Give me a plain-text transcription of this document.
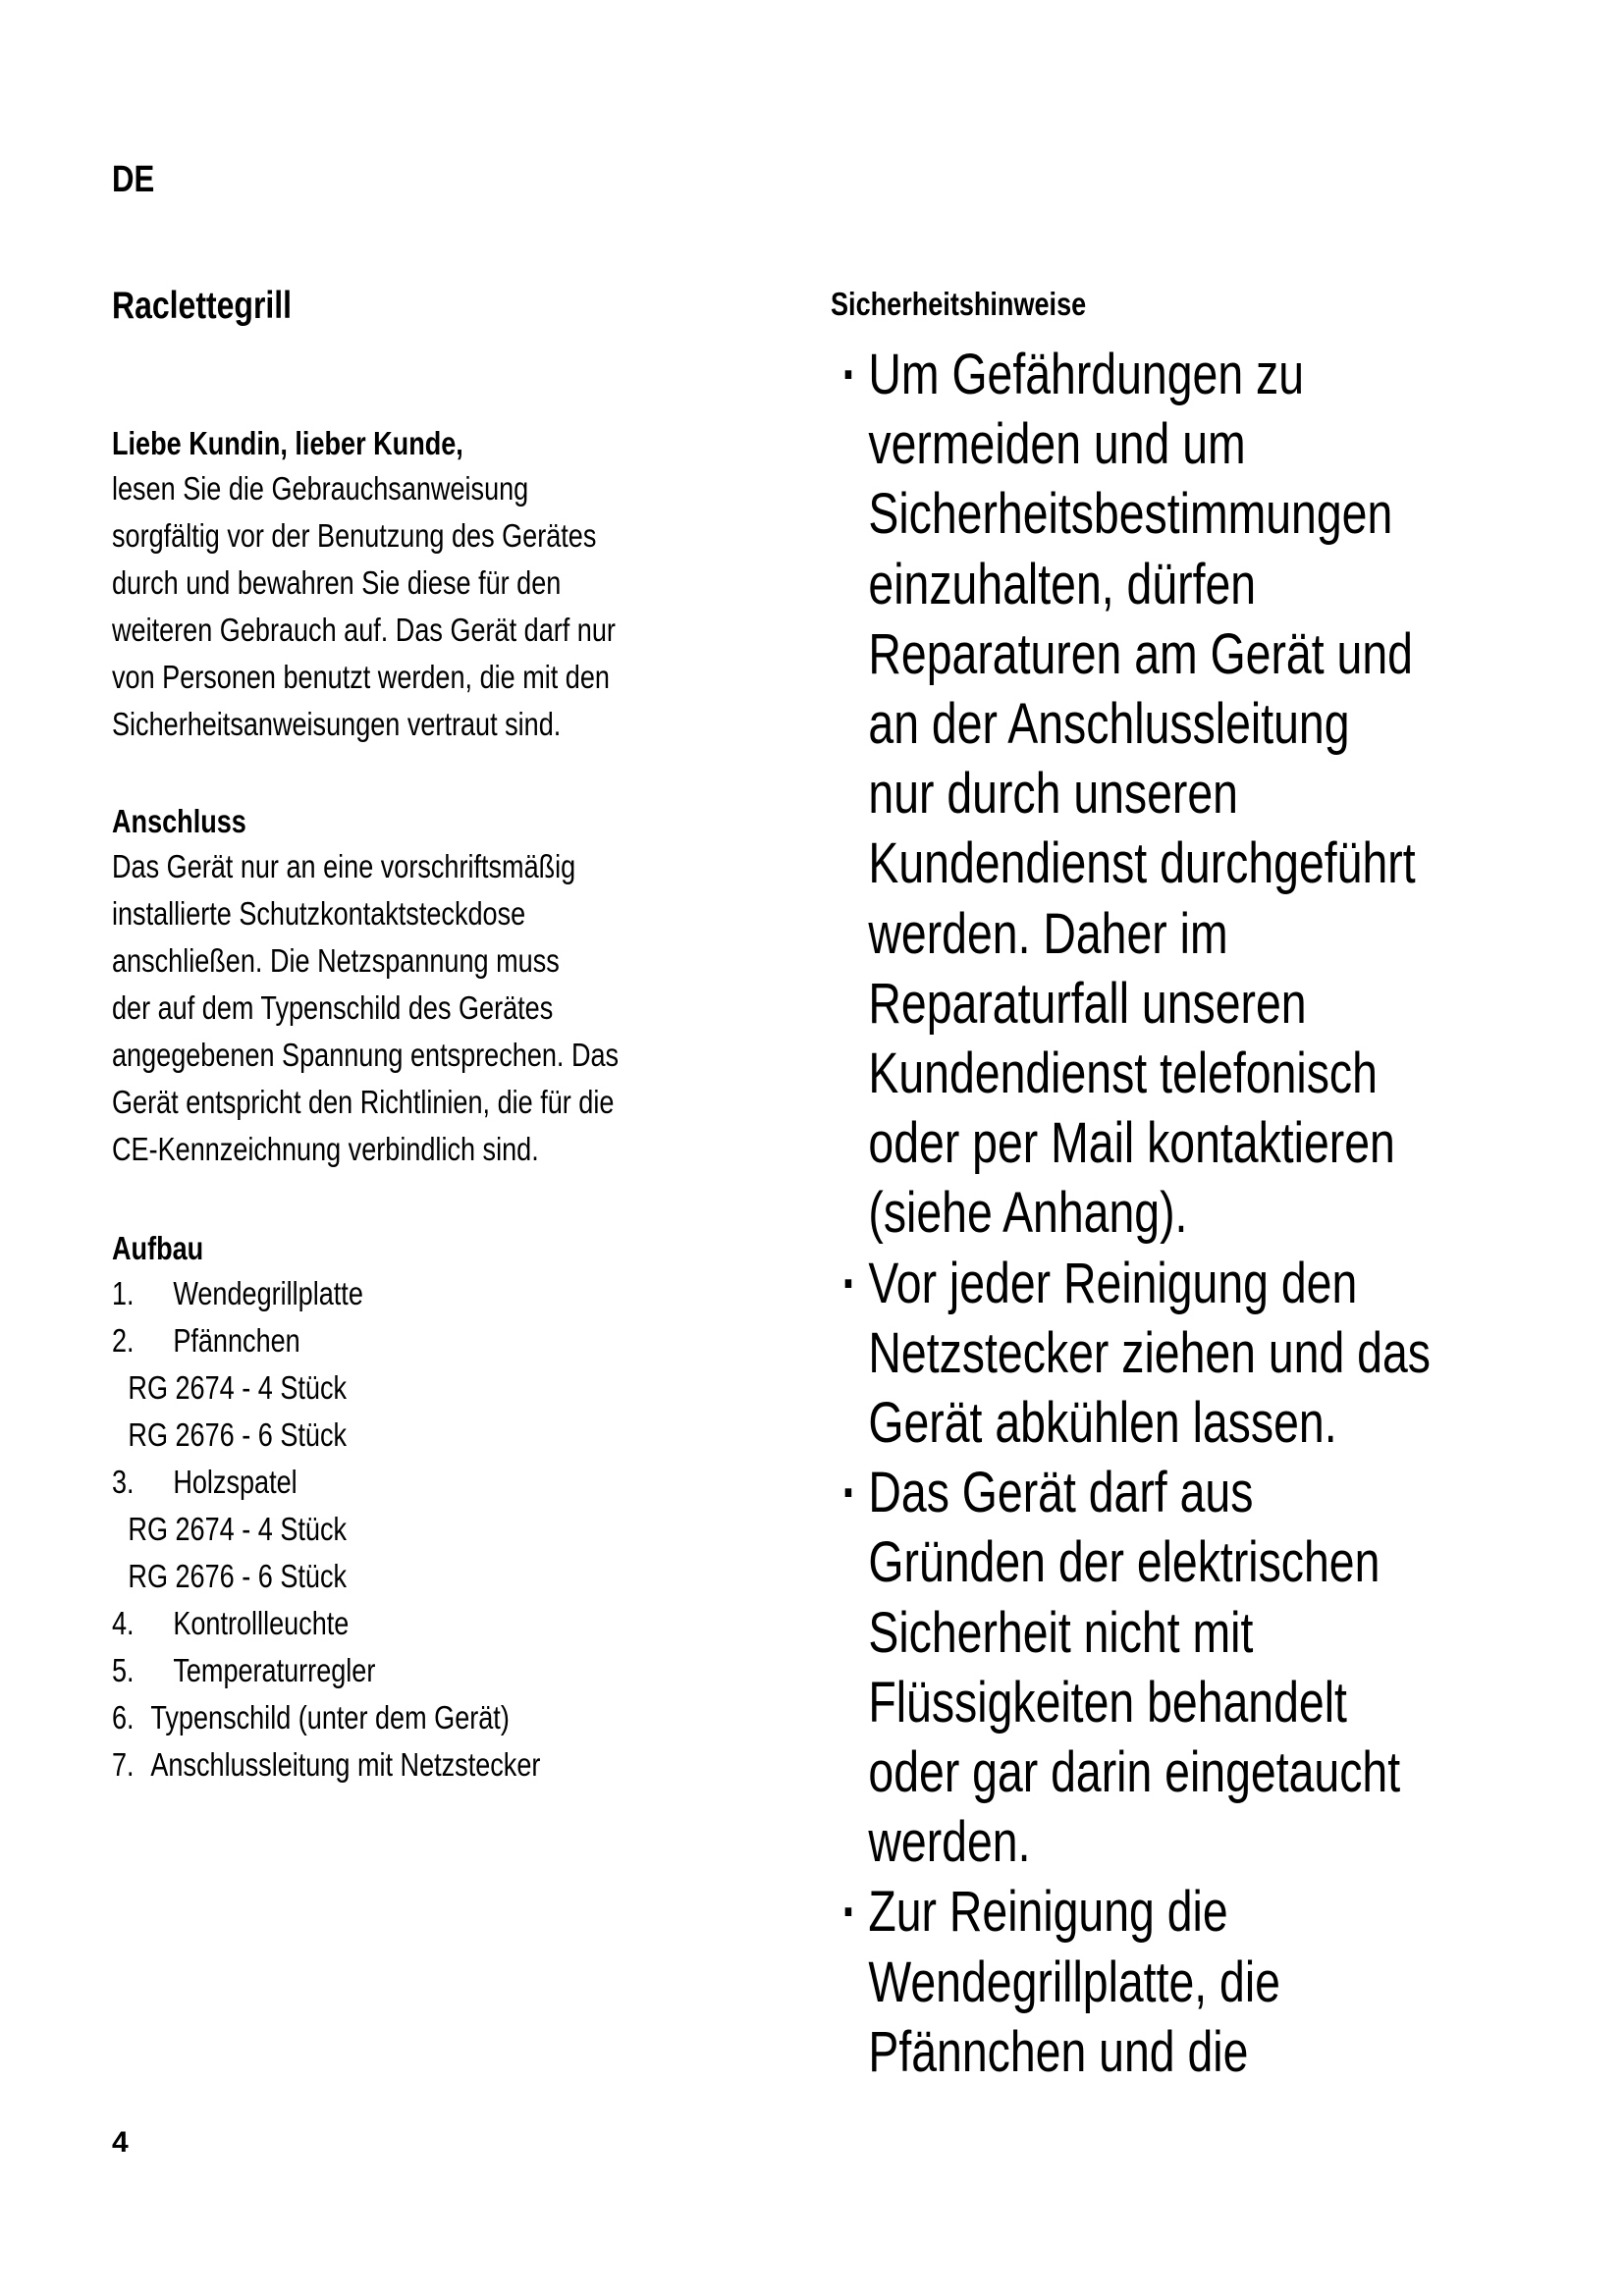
DE
Raclettegrill
Liebe Kundin, lieber Kunde,
lesen Sie die Gebrauchsanweisung
sorgfältig vor der Benutzung des Gerätes
durch und bewahren Sie diese für den
weiteren Gebrauch auf. Das Gerät darf nur
von Personen benutzt werden, die mit den
Sicherheitsanweisungen vertraut sind.
Anschluss
Das Gerät nur an eine vorschriftsmäßig
installierte Schutzkontaktsteckdose
anschließen. Die Netzspannung muss
der auf dem Typenschild des Gerätes
angegebenen Spannung entsprechen. Das
Gerät entspricht den Richtlinien, die für die
CE-Kennzeichnung verbindlich sind.
Aufbau
1. Wendegrillplatte
2. Pfännchen
RG 2674 - 4 Stück
RG 2676 - 6 Stück
3. Holzspatel
RG 2674 - 4 Stück
RG 2676 - 6 Stück
4. Kontrollleuchte
5. Temperaturregler
6. Typenschild (unter dem Gerät)
7. Anschlussleitung mit Netzstecker
Sicherheitshinweise
· Um Gefährdungen zu
vermeiden und um
Sicherheitsbestimmungen
einzuhalten, dürfen
Reparaturen am Gerät und
an der Anschlussleitung
nur durch unseren
Kundendienst durchgeführt
werden. Daher im
Reparaturfall unseren
Kundendienst telefonisch
oder per Mail kontaktieren
(siehe Anhang).
· Vor jeder Reinigung den
Netzstecker ziehen und das
Gerät abkühlen lassen.
· Das Gerät darf aus
Gründen der elektrischen
Sicherheit nicht mit
Flüssigkeiten behandelt
oder gar darin eingetaucht
werden.
· Zur Reinigung die
Wendegrillplatte, die
Pfännchen und die
4
